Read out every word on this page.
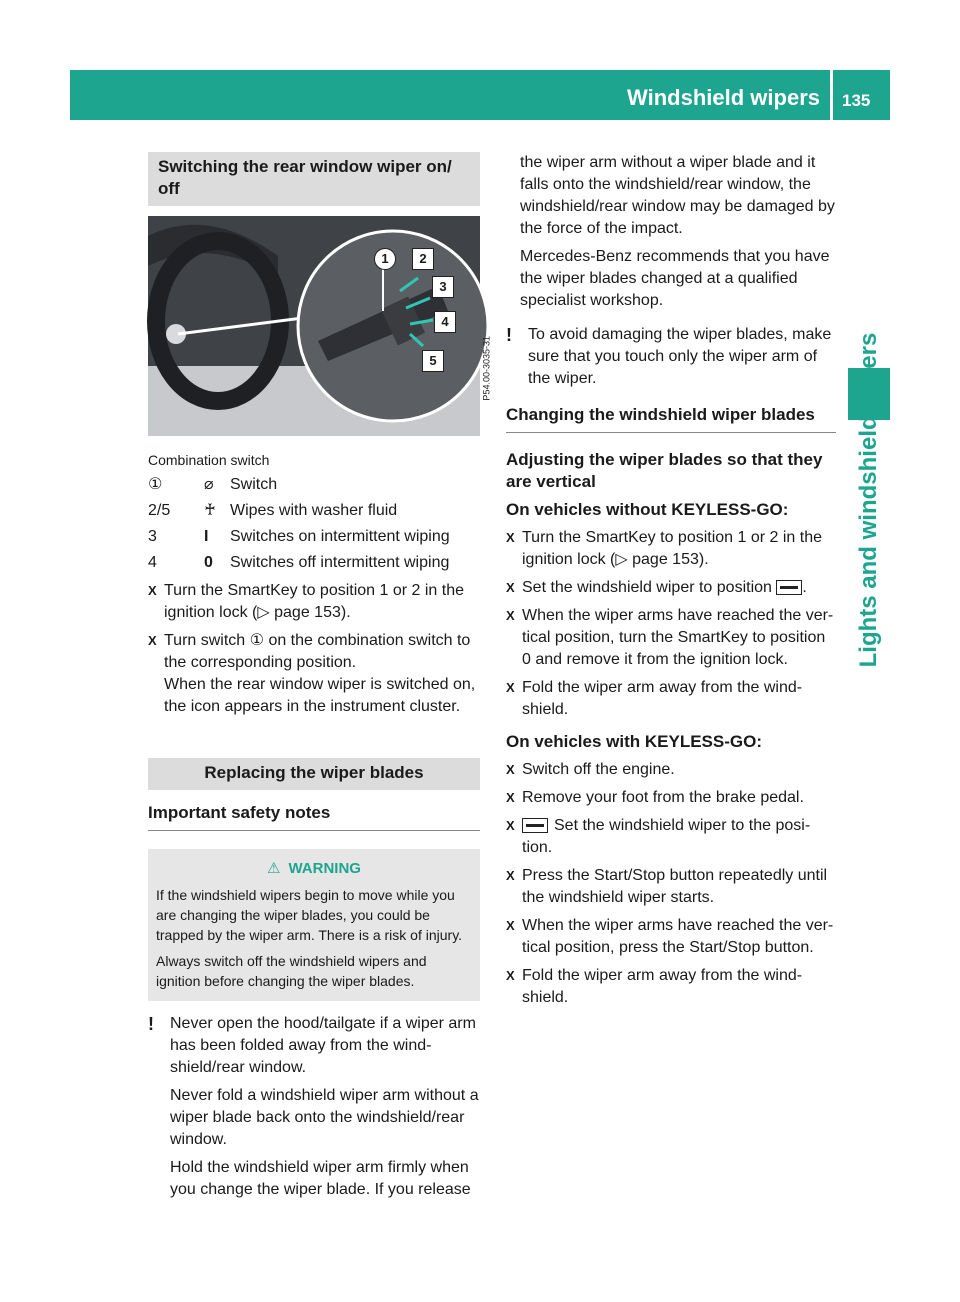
Windshield wipers 135
Lights and windshield wipers
Switching the rear window wiper on/ off
1	2
3
4
5	P54.00-3035-31
Combination switch
①	⌀	Switch
2/5	♰ Wipes with washer fluid
3	I	Switches on intermittent wiping
4	0	Switches off intermittent wiping
X Turn the SmartKey to position 1 or 2 in the ignition lock (▷ page 153).
X Turn switch ① on the combination switch to the corresponding position.
When the rear window wiper is switched on, the icon appears in the instrument cluster.
Replacing the wiper blades
Important safety notes
⚠ WARNING

If the windshield wipers begin to move while you are changing the wiper blades, you could be trapped by the wiper arm. There is a risk of injury.

Always switch off the windshield wipers and ignition before changing the wiper blades.

!	Never open the hood/tailgate if a wiper arm has been folded away from the wind-shield/rear window.

Never fold a windshield wiper arm without a wiper blade back onto the windshield/rear window.

Hold the windshield wiper arm firmly when you change the wiper blade. If you release

the wiper arm without a wiper blade and it falls onto the windshield/rear window, the windshield/rear window may be damaged by the force of the impact.

Mercedes-Benz recommends that you have the wiper blades changed at a qualified specialist workshop.

!	To avoid damaging the wiper blades, make sure that you touch only the wiper arm of the wiper.

Changing the windshield wiper blades
Adjusting the wiper blades so that they are vertical
On vehicles without KEYLESS-GO:
X Turn the SmartKey to position 1 or 2 in the ignition lock (▷ page 153).
X Set the windshield wiper to position .
X When the wiper arms have reached the ver-tical position, turn the SmartKey to position 0 and remove it from the ignition lock.
X Fold the wiper arm away from the wind-shield.
On vehicles with KEYLESS-GO:
X Switch off the engine.
X Remove your foot from the brake pedal.
X	Set the windshield wiper to the posi-tion.
X Press the Start/Stop button repeatedly until the windshield wiper starts.
X When the wiper arms have reached the ver-tical position, press the Start/Stop button.
X Fold the wiper arm away from the wind-shield.
